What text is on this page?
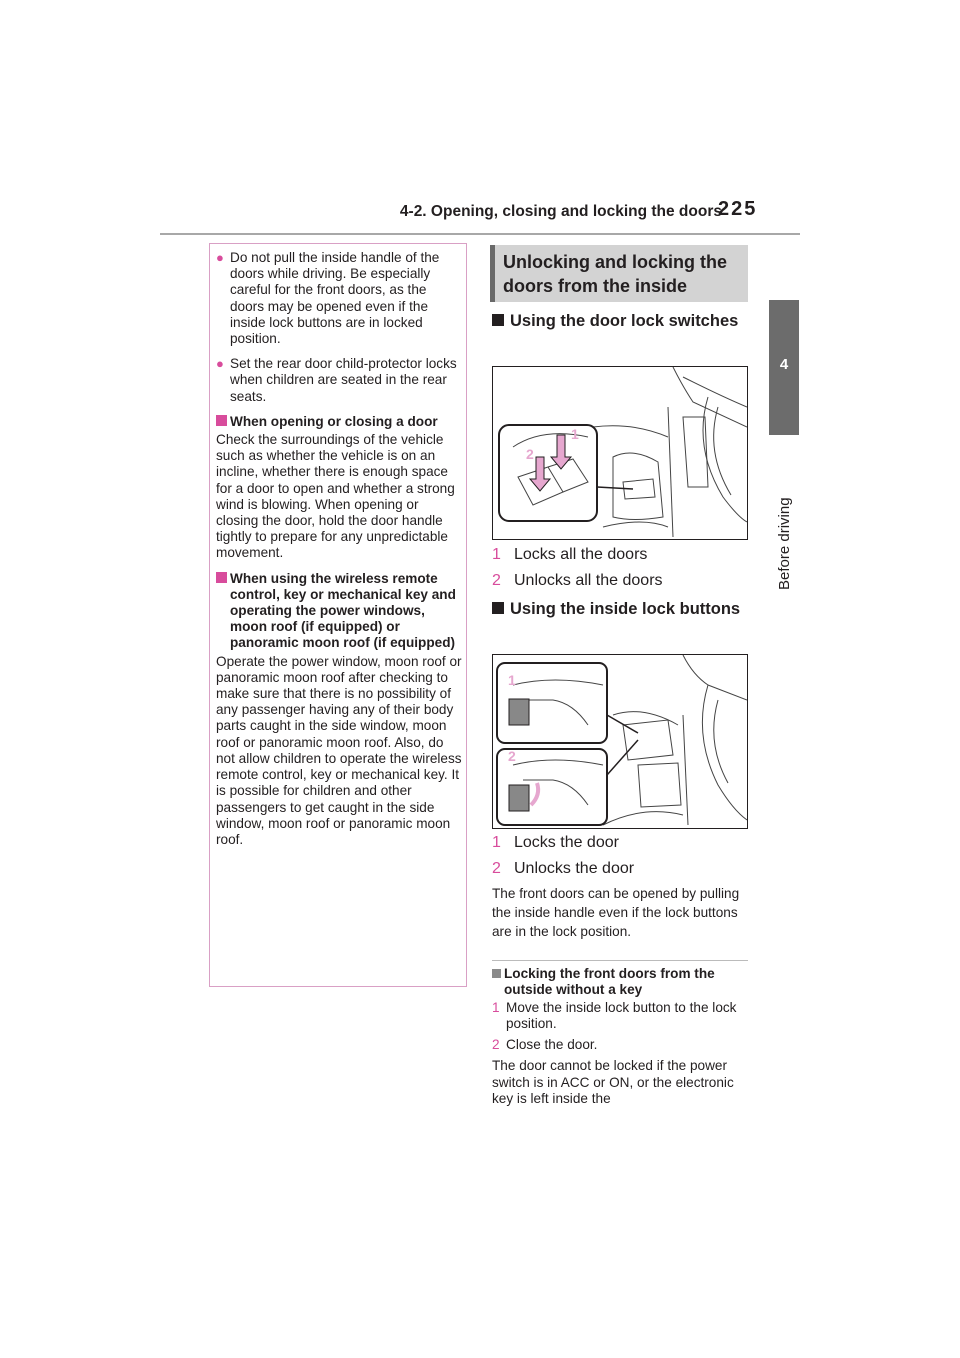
4-2. Opening, closing and locking the doors
225
4
Before driving
● Do not pull the inside handle of the doors while driving. Be especially careful for the front doors, as the doors may be opened even if the inside lock buttons are in locked position.
● Set the rear door child-protector locks when children are seated in the rear seats.
When opening or closing a door
Check the surroundings of the vehicle such as whether the vehicle is on an incline, whether there is enough space for a door to open and whether a strong wind is blowing. When opening or closing the door, hold the door handle tightly to prepare for any unpredictable movement.
When using the wireless remote control, key or mechanical key and operating the power windows, moon roof (if equipped) or panoramic moon roof (if equipped)
Operate the power window, moon roof or panoramic moon roof after checking to make sure that there is no possibility of any passenger having any of their body parts caught in the side window, moon roof or panoramic moon roof. Also, do not allow children to operate the wireless remote control, key or mechanical key. It is possible for children and other passengers to get caught in the side window, moon roof or panoramic moon roof.
Unlocking and locking the doors from the inside
Using the door lock switches
2
1
1 Locks all the doors
2 Unlocks all the doors
Using the inside lock buttons
1
2
1 Locks the door
2 Unlocks the door
The front doors can be opened by pulling the inside handle even if the lock buttons are in the lock position.
Locking the front doors from the outside without a key
1 Move the inside lock button to the lock position.
2 Close the door.
The door cannot be locked if the power switch is in ACC or ON, or the electronic key is left inside the
